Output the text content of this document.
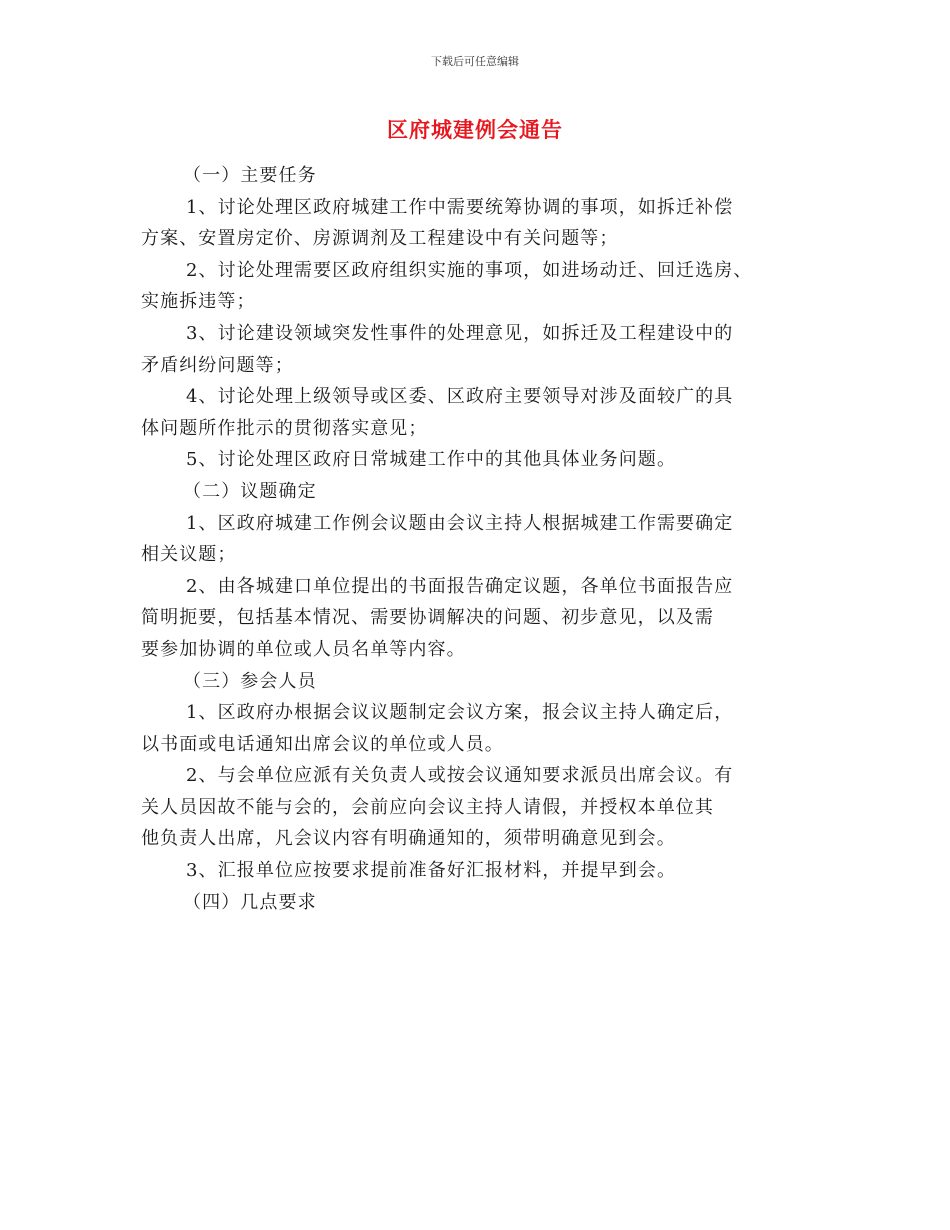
下载后可任意编辑
区府城建例会通告
（一）主要任务
1、讨论处理区政府城建工作中需要统筹协调的事项，如拆迁补偿
方案、安置房定价、房源调剂及工程建设中有关问题等；
2、讨论处理需要区政府组织实施的事项，如进场动迁、回迁选房、
实施拆违等；
3、讨论建设领域突发性事件的处理意见，如拆迁及工程建设中的
矛盾纠纷问题等；
4、讨论处理上级领导或区委、区政府主要领导对涉及面较广的具
体问题所作批示的贯彻落实意见；
5、讨论处理区政府日常城建工作中的其他具体业务问题。
（二）议题确定
1、区政府城建工作例会议题由会议主持人根据城建工作需要确定
相关议题；
2、由各城建口单位提出的书面报告确定议题，各单位书面报告应
简明扼要，包括基本情况、需要协调解决的问题、初步意见，以及需
要参加协调的单位或人员名单等内容。
（三）参会人员
1、区政府办根据会议议题制定会议方案，报会议主持人确定后，
以书面或电话通知出席会议的单位或人员。
2、与会单位应派有关负责人或按会议通知要求派员出席会议。有
关人员因故不能与会的，会前应向会议主持人请假，并授权本单位其
他负责人出席，凡会议内容有明确通知的，须带明确意见到会。
3、汇报单位应按要求提前准备好汇报材料，并提早到会。
（四）几点要求
